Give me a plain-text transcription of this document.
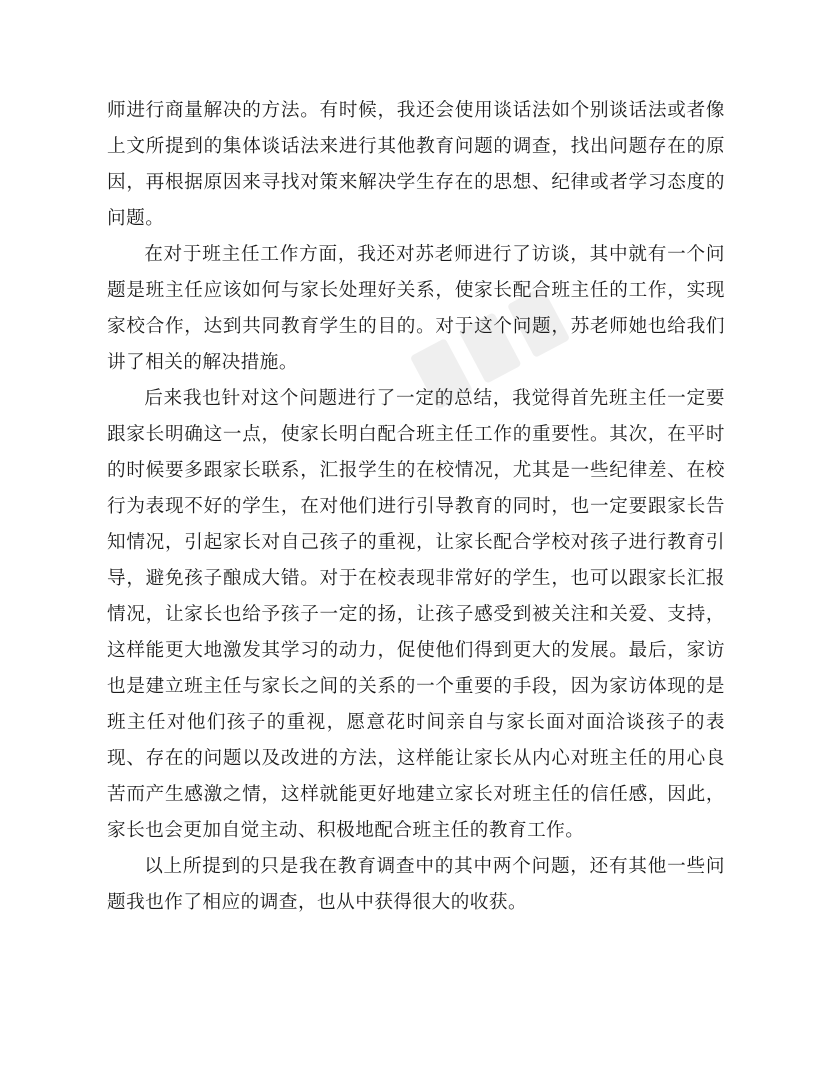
师进行商量解决的方法。有时候，我还会使用谈话法如个别谈话法或者像上文所提到的集体谈话法来进行其他教育问题的调查，找出问题存在的原因，再根据原因来寻找对策来解决学生存在的思想、纪律或者学习态度的问题。

在对于班主任工作方面，我还对苏老师进行了访谈，其中就有一个问题是班主任应该如何与家长处理好关系，使家长配合班主任的工作，实现家校合作，达到共同教育学生的目的。对于这个问题，苏老师她也给我们讲了相关的解决措施。

后来我也针对这个问题进行了一定的总结，我觉得首先班主任一定要跟家长明确这一点，使家长明白配合班主任工作的重要性。其次，在平时的时候要多跟家长联系，汇报学生的在校情况，尤其是一些纪律差、在校行为表现不好的学生，在对他们进行引导教育的同时，也一定要跟家长告知情况，引起家长对自己孩子的重视，让家长配合学校对孩子进行教育引导，避免孩子酿成大错。对于在校表现非常好的学生，也可以跟家长汇报情况，让家长也给予孩子一定的扬，让孩子感受到被关注和关爱、支持，这样能更大地激发其学习的动力，促使他们得到更大的发展。最后，家访也是建立班主任与家长之间的关系的一个重要的手段，因为家访体现的是班主任对他们孩子的重视，愿意花时间亲自与家长面对面洽谈孩子的表现、存在的问题以及改进的方法，这样能让家长从内心对班主任的用心良苦而产生感激之情，这样就能更好地建立家长对班主任的信任感，因此，家长也会更加自觉主动、积极地配合班主任的教育工作。

以上所提到的只是我在教育调查中的其中两个问题，还有其他一些问题我也作了相应的调查，也从中获得很大的收获。
